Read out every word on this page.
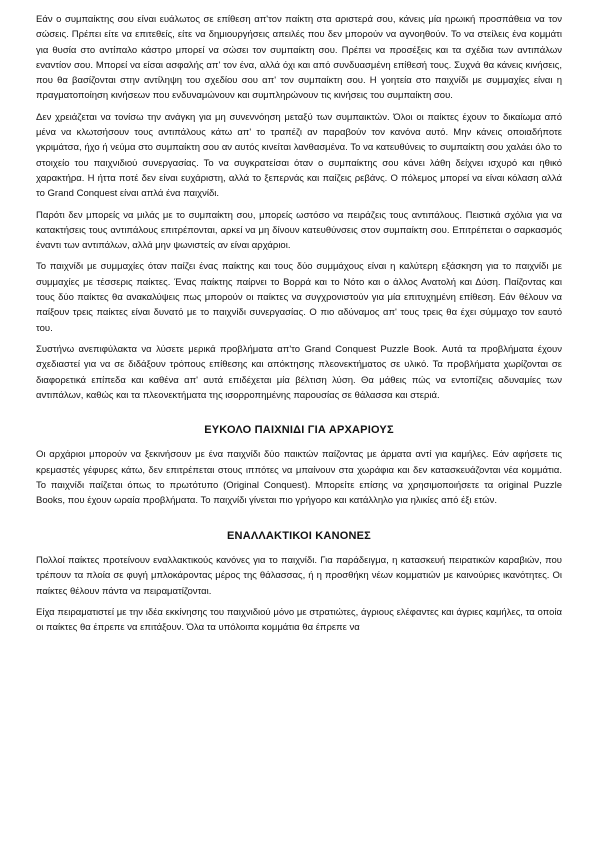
Εάν ο συμπαίκτης σου είναι ευάλωτος σε επίθεση απ'τον παίκτη στα αριστερά σου, κάνεις μία ηρωική προσπάθεια να τον σώσεις. Πρέπει είτε να επιτεθείς, είτε να δημιουργήσεις απειλές που δεν μπορούν να αγνοηθούν. Το να στείλεις ένα κομμάτι για θυσία στο αντίπαλο κάστρο μπορεί να σώσει τον συμπαίκτη σου. Πρέπει να προσέξεις και τα σχέδια των αντιπάλων εναντίον σου. Μπορεί να είσαι ασφαλής απ' τον ένα, αλλά όχι και από συνδυασμένη επίθεσή τους. Συχνά θα κάνεις κινήσεις, που θα βασίζονται στην αντίληψη του σχεδίου σου απ' τον συμπαίκτη σου. Η γοητεία στο παιχνίδι με συμμαχίες είναι η πραγματοποίηση κινήσεων που ενδυναμώνουν και συμπληρώνουν τις κινήσεις του συμπαίκτη σου.

Δεν χρειάζεται να τονίσω την ανάγκη για μη συνεννόηση μεταξύ των συμπαικτών. Όλοι οι παίκτες έχουν το δικαίωμα από μένα να κλωτσήσουν τους αντιπάλους κάτω απ' το τραπέζι αν παραβούν τον κανόνα αυτό. Μην κάνεις οποιαδήποτε γκριμάτσα, ήχο ή νεύμα στο συμπαίκτη σου αν αυτός κινείται λανθασμένα. Το να κατευθύνεις το συμπαίκτη σου χαλάει όλο το στοιχείο του παιχνιδιού συνεργασίας. Το να συγκρατείσαι όταν ο συμπαίκτης σου κάνει λάθη δείχνει ισχυρό και ηθικό χαρακτήρα. Η ήττα ποτέ δεν είναι ευχάριστη, αλλά το ξεπερνάς και παίζεις ρεβάνς. Ο πόλεμος μπορεί να είναι κόλαση αλλά το Grand Conquest είναι απλά ένα παιχνίδι.

Παρότι δεν μπορείς να μιλάς με το συμπαίκτη σου, μπορείς ωστόσο να πειράζεις τους αντιπάλους. Πειστικά σχόλια για να κατακτήσεις τους αντιπάλους επιτρέπονται, αρκεί να μη δίνουν κατευθύνσεις στον συμπαίκτη σου. Επιτρέπεται ο σαρκασμός έναντι των αντιπάλων, αλλά μην ψωνιστείς αν είναι αρχάριοι.

Το παιχνίδι με συμμαχίες όταν παίζει ένας παίκτης και τους δύο συμμάχους είναι η καλύτερη εξάσκηση για το παιχνίδι με συμμαχίες με τέσσερις παίκτες. Ένας παίκτης παίρνει το Βορρά και το Νότο και ο άλλος Ανατολή και Δύση. Παίζοντας και τους δύο παίκτες θα ανακαλύψεις πως μπορούν οι παίκτες να συγχρονιστούν για μία επιτυχημένη επίθεση. Εάν θέλουν να παίξουν τρεις παίκτες είναι δυνατό με το παιχνίδι συνεργασίας. Ο πιο αδύναμος απ' τους τρεις θα έχει σύμμαχο τον εαυτό του.

Συστήνω ανεπιφύλακτα να λύσετε μερικά προβλήματα απ'το Grand Conquest Puzzle Book. Αυτά τα προβλήματα έχουν σχεδιαστεί για να σε διδάξουν τρόπους επίθεσης και απόκτησης πλεονεκτήματος σε υλικό. Τα προβλήματα χωρίζονται σε διαφορετικά επίπεδα και καθένα απ' αυτά επιδέχεται μία βέλτιση λύση. Θα μάθεις πώς να εντοπίζεις αδυναμίες των αντιπάλων, καθώς και τα πλεονεκτήματα της ισορροπημένης παρουσίας σε θάλασσα και στεριά.

ΕΥΚΟΛΟ ΠΑΙΧΝΙΔΙ ΓΙΑ ΑΡΧΑΡΙΟΥΣ

Οι αρχάριοι μπορούν να ξεκινήσουν με ένα παιχνίδι δύο παικτών παίζοντας με άρματα αντί για καμήλες. Εάν αφήσετε τις κρεμαστές γέφυρες κάτω, δεν επιτρέπεται στους ιππότες να μπαίνουν στα χωράφια και δεν κατασκευάζονται νέα κομμάτια. Το παιχνίδι παίζεται όπως το πρωτότυπο (Original Conquest). Μπορείτε επίσης να χρησιμοποιήσετε τα original Puzzle Books, που έχουν ωραία προβλήματα. Το παιχνίδι γίνεται πιο γρήγορο και κατάλληλο για ηλικίες από έξι ετών.

ΕΝΑΛΛΑΚΤΙΚΟΙ ΚΑΝΟΝΕΣ

Πολλοί παίκτες προτείνουν εναλλακτικούς κανόνες για το παιχνίδι. Για παράδειγμα, η κατασκευή πειρατικών καραβιών, που τρέπουν τα πλοία σε φυγή μπλοκάροντας μέρος της θάλασσας, ή η προσθήκη νέων κομματιών με καινούριες ικανότητες. Οι παίκτες θέλουν πάντα να πειραματίζονται.

Είχα πειραματιστεί με την ιδέα εκκίνησης του παιχνιδιού μόνο με στρατιώτες, άγριους ελέφαντες και άγριες καμήλες, τα οποία οι παίκτες θα έπρεπε να επιτάξουν. Όλα τα υπόλοιπα κομμάτια θα έπρεπε να
